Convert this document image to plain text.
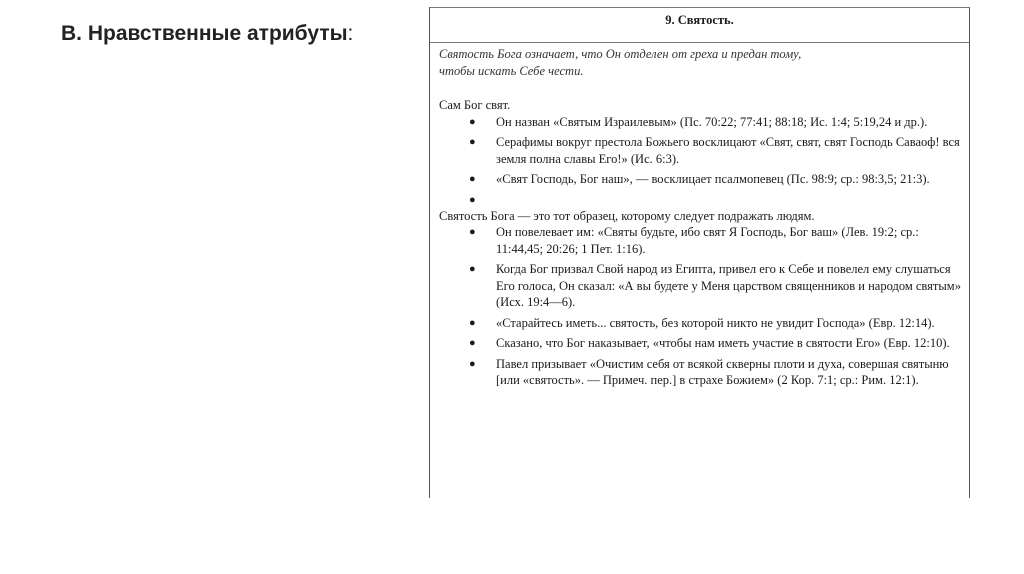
В. Нравственные атрибуты:
9. Святость.

Святость Бога означает, что Он отделен от греха и предан тому, чтобы искать Себе чести.

Сам Бог свят.

● Он назван «Святым Израилевым» (Пс. 70:22; 77:41; 88:18; Ис. 1:4; 5:19,24 и др.).
● Серафимы вокруг престола Божьего восклицают «Свят, свят, свят Господь Саваоф! вся земля полна славы Его!» (Ис. 6:3).
● «Свят Господь, Бог наш», — восклицает псалмопевец (Пс. 98:9; ср.: 98:3,5; 21:3).
●

Святость Бога — это тот образец, которому следует подражать людям.

● Он повелевает им: «Святы будьте, ибо свят Я Господь, Бог ваш» (Лев. 19:2; ср.: 11:44,45; 20:26; 1 Пет. 1:16).
● Когда Бог призвал Свой народ из Египта, привел его к Себе и повелел ему слушаться Его голоса, Он сказал: «А вы будете у Меня царством священников и народом святым» (Исх. 19:4—6).
● «Старайтесь иметь... святость, без которой никто не увидит Господа» (Евр. 12:14).
● Сказано, что Бог наказывает, «чтобы нам иметь участие в святости Его» (Евр. 12:10).
● Павел призывает «Очистим себя от всякой скверны плоти и духа, совершая святыню [или «святость». — Примеч. пер.] в страхе Божием» (2 Кор. 7:1; ср.: Рим. 12:1).
